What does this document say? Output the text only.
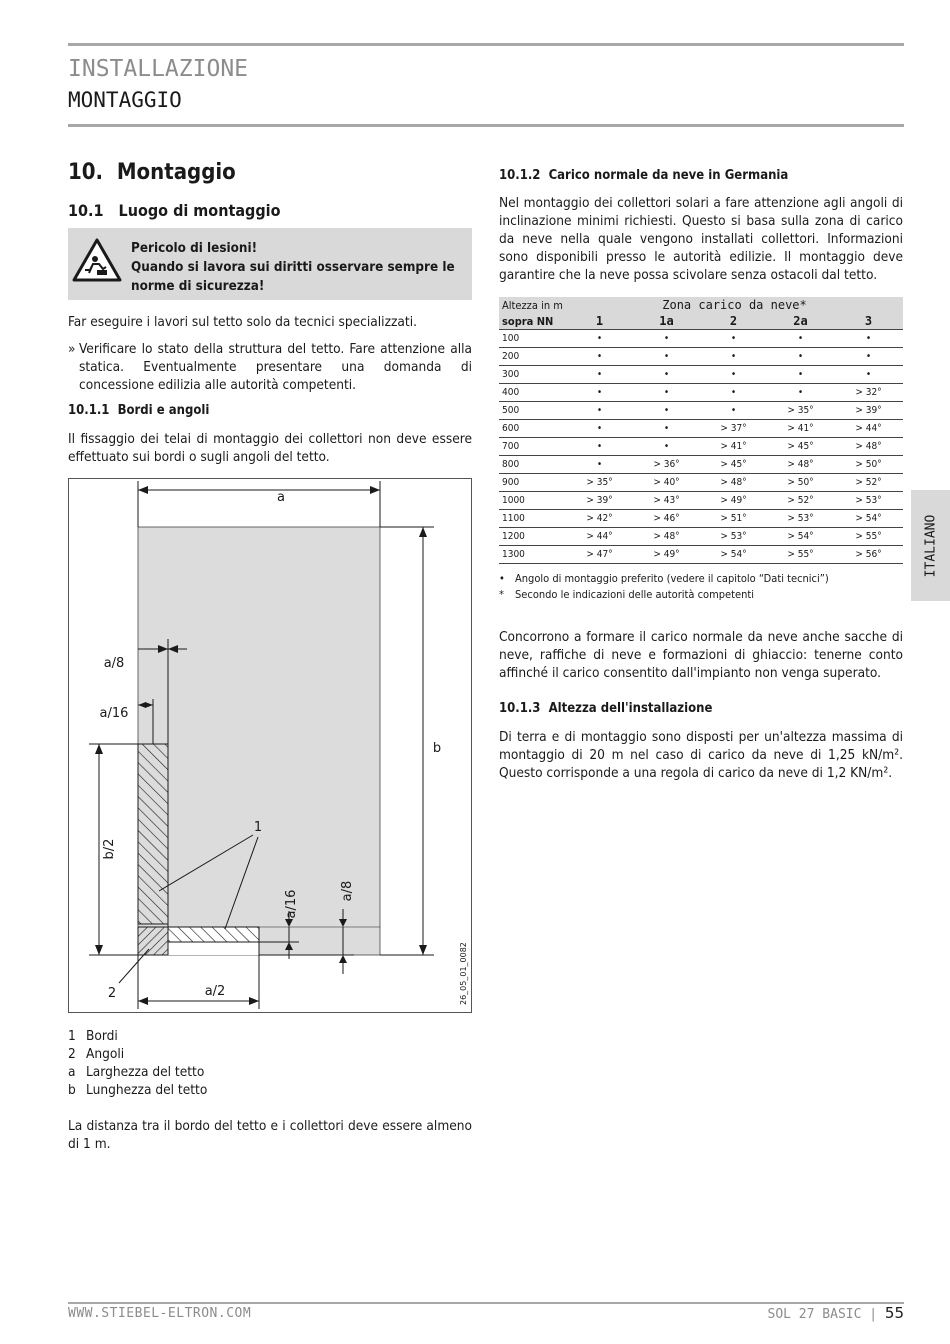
INSTALLAZIONE
MONTAGGIO
10. Montaggio
10.1 Luogo di montaggio
Pericolo di lesioni!
Quando si lavora sui diritti osservare sempre le norme di sicurezza!
Far eseguire i lavori sul tetto solo da tecnici specializzati.
» Verificare lo stato della struttura del tetto. Fare attenzione alla statica. Eventualmente presentare una domanda di concessione edilizia alle autorità competenti.
10.1.1 Bordi e angoli
Il fissaggio dei telai di montaggio dei collettori non deve essere effettuato sui bordi o sugli angoli del tetto.
a
b
a/8
a/16
b/2
a/2
a/16	a/8
1
2	26_05_01_0082
1 Bordi
2 Angoli
a Larghezza del tetto
b Lunghezza del tetto
La distanza tra il bordo del tetto e i collettori deve essere almeno di 1 m.
10.1.2 Carico normale da neve in Germania
Nel montaggio dei collettori solari a fare attenzione agli angoli di inclinazione minimi richiesti. Questo si basa sulla zona di carico da neve nella quale vengono installati collettori. Informazioni sono disponibili presso le autorità edilizie. Il montaggio deve garantire che la neve possa scivolare senza ostacoli dal tetto.
Altezza in m	Zona carico da neve*				
sopra NN	1	1a	2	2a	3
100	•	•	•	•	•
200	•	•	•	•	•
300	•	•	•	•	•
400	•	•	•	•	> 32°
500	•	•	•	> 35°	> 39°
600	•	•	> 37°	> 41°	> 44°
700	•	•	> 41°	> 45°	> 48°
800	•	> 36°	> 45°	> 48°	> 50°
900	> 35°	> 40°	> 48°	> 50°	> 52°
1000	> 39°	> 43°	> 49°	> 52°	> 53°
1100	> 42°	> 46°	> 51°	> 53°	> 54°
1200	> 44°	> 48°	> 53°	> 54°	> 55°
1300	> 47°	> 49°	> 54°	> 55°	> 56°
• Angolo di montaggio preferito (vedere il capitolo “Dati tecnici”)
* Secondo le indicazioni delle autorità competenti
Concorrono a formare il carico normale da neve anche sacche di neve, raffiche di neve e formazioni di ghiaccio: tenerne conto affinché il carico consentito dall'impianto non venga superato.
10.1.3 Altezza dell'installazione
Di terra e di montaggio sono disposti per un'altezza massima di montaggio di 20 m nel caso di carico da neve di 1,25 kN/m². Questo corrisponde a una regola di carico da neve di 1,2 KN/m².
ITALIANO
WWW.STIEBEL-ELTRON.COM	SOL 27 BASIC | 55
